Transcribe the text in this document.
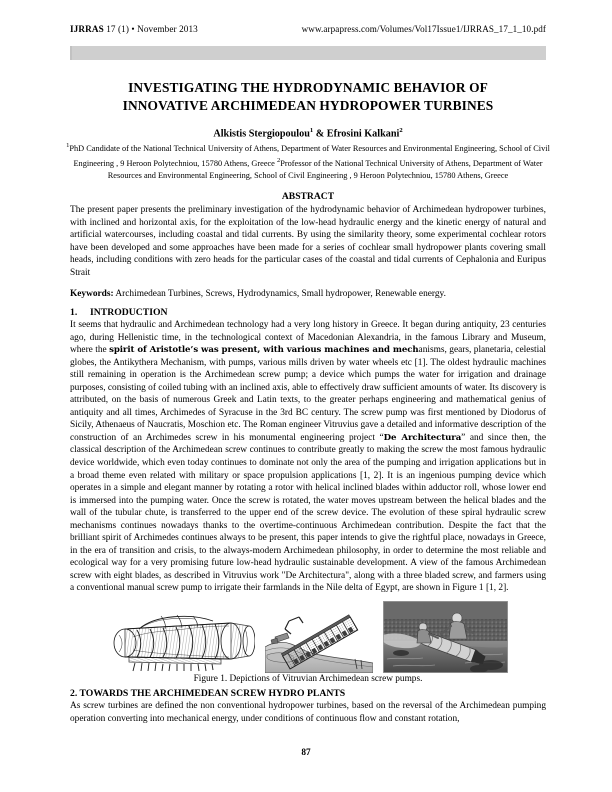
IJRRAS 17 (1) • November 2013	www.arpapress.com/Volumes/Vol17Issue1/IJRRAS_17_1_10.pdf
INVESTIGATING THE HYDRODYNAMIC BEHAVIOR OF
INNOVATIVE ARCHIMEDEAN HYDROPOWER TURBINES
Alkistis Stergiopoulou$^1$ & Efrosini Kalkani$^2$
$^1$PhD Candidate of the National Technical University of Athens, Department of Water Resources and Environmental Engineering, School of Civil Engineering , 9 Heroon Polytechniou, 15780 Athens, Greece $^2$Professor of the National Technical University of Athens, Department of Water Resources and Environmental Engineering, School of Civil Engineering , 9 Heroon Polytechniou, 15780 Athens, Greece
ABSTRACT
The present paper presents the preliminary investigation of the hydrodynamic behavior of Archimedean hydropower turbines, with inclined and horizontal axis, for the exploitation of the low-head hydraulic energy and the kinetic energy of natural and artificial watercourses, including coastal and tidal currents. By using the similarity theory, some experimental cochlear rotors have been developed and some approaches have been made for a series of cochlear small hydropower plants covering small heads, including conditions with zero heads for the particular cases of the coastal and tidal currents of Cephalonia and Euripus Strait
Keywords: Archimedean Turbines, Screws, Hydrodynamics, Small hydropower, Renewable energy.
1. INTRODUCTION
It seems that hydraulic and Archimedean technology had a very long history in Greece. It began during antiquity, 23 centuries ago, during Hellenistic time, in the technological context of Macedonian Alexandria, in the famous Library and Museum, where the spirit of Aristotle’s was present, with various machines and mechanisms, gears, planetaria, celestial globes, the Antikythera Mechanism, with pumps, various mills driven by water wheels etc [1]. The oldest hydraulic machines still remaining in operation is the Archimedean screw pump; a device which pumps the water for irrigation and drainage purposes, consisting of coiled tubing with an inclined axis, able to effectively draw sufficient amounts of water. Its discovery is attributed, on the basis of numerous Greek and Latin texts, to the greater perhaps engineering and mathematical genius of antiquity and all times, Archimedes of Syracuse in the 3rd BC century. The screw pump was first mentioned by Diodorus of Sicily, Athenaeus of Naucratis, Moschion etc. The Roman engineer Vitruvius gave a detailed and informative description of the construction of an Archimedes screw in his monumental engineering project “De Architectura” and since then, the classical description of the Archimedean screw continues to contribute greatly to making the screw the most famous hydraulic device worldwide, which even today continues to dominate not only the area of the pumping and irrigation applications but in a broad theme even related with military or space propulsion applications [1, 2]. It is an ingenious pumping device which operates in a simple and elegant manner by rotating a rotor with helical inclined blades within adductor roll, whose lower end is immersed into the pumping water. Once the screw is rotated, the water moves upstream between the helical blades and the wall of the tubular chute, is transferred to the upper end of the screw device. The evolution of these spiral hydraulic screw mechanisms continues nowadays thanks to the overtime-continuous Archimedean contribution. Despite the fact that the brilliant spirit of Archimedes continues always to be present, this paper intends to give the rightful place, nowadays in Greece, in the era of transition and crisis, to the always-modern Archimedean philosophy, in order to determine the most reliable and ecological way for a very promising future low-head hydraulic sustainable development. A view of the famous Archimedean screw with eight blades, as described in Vitruvius work "De Architectura", along with a three bladed screw, and farmers using a conventional manual screw pump to irrigate their farmlands in the Nile delta of Egypt, are shown in Figure 1 [1, 2].
Figure 1. Depictions of Vitruvian Archimedean screw pumps.
2. TOWARDS THE ARCHIMEDEAN SCREW HYDRO PLANTS
As screw turbines are defined the non conventional hydropower turbines, based on the reversal of the Archimedean pumping operation converting into mechanical energy, under conditions of continuous flow and constant rotation,
87
